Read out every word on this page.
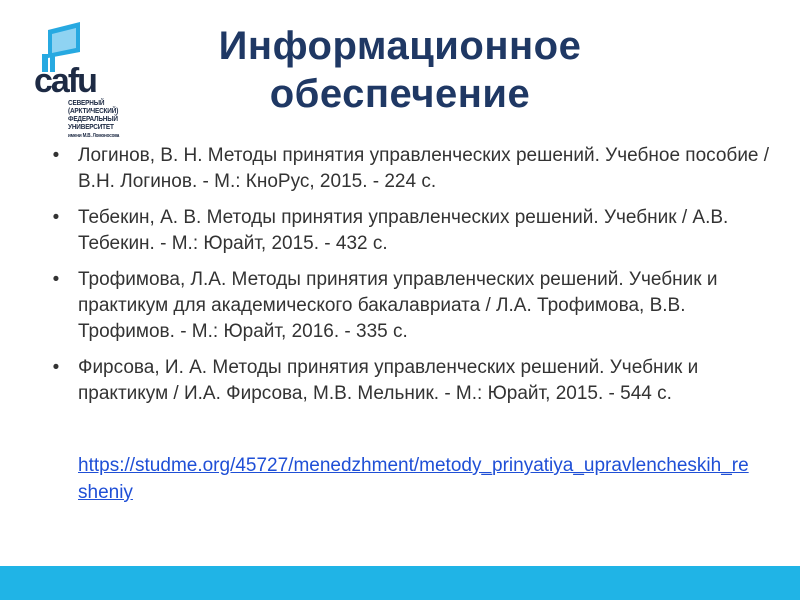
cafu
СЕВЕРНЫЙ
(АРКТИЧЕСКИЙ)
ФЕДЕРАЛЬНЫЙ
УНИВЕРСИТЕТ
имени М.В. Ломоносова
Информационное обеспечение
• Логинов, В. Н. Методы принятия управленческих решений. Учебное пособие / В.Н. Логинов. - М.: КноРус, 2015. - 224 с.
• Тебекин, А. В. Методы принятия управленческих решений. Учебник / А.В. Тебекин. - М.: Юрайт, 2015. - 432 с.
• Трофимова, Л.А. Методы принятия управленческих решений. Учебник и практикум для академического бакалавриата / Л.А. Трофимова, В.В. Трофимов. - М.: Юрайт, 2016. - 335 с.
• Фирсова, И. А. Методы принятия управленческих решений. Учебник и практикум / И.А. Фирсова, М.В. Мельник. - М.: Юрайт, 2015. - 544 с.
https://studme.org/45727/menedzhment/metody_prinyatiya_upravlencheskih_resheniy
